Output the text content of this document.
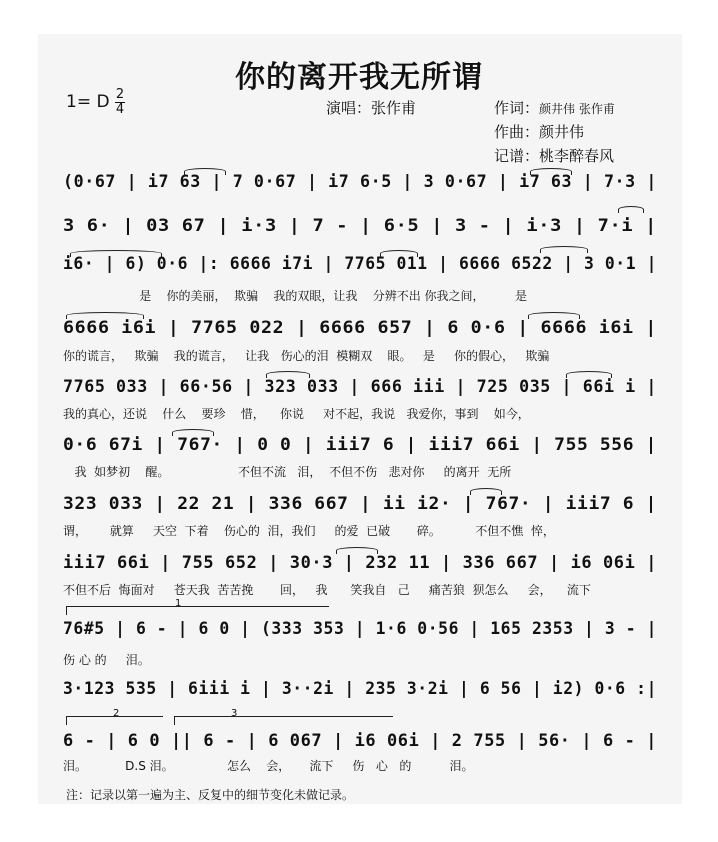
你的离开我无所谓
1= D 2
4	演唱：张作甫	作词：颜井伟 张作甫
作曲：颜井伟
记谱：桃李醉春风
(0·67 | i7 63 | 7 0·67 | i7 6·5 | 3 0·67 | i7 63 | 7·3 |
3 6· | 03 67 | i·3 | 7 - | 6·5 | 3 - | i·3 | 7·i |
i6· | 6) 0·6 |: 6666 i7i | 7765 011 | 6666 6522 | 3 0·1 |
6666 i6i | 7765 022 | 6666 657 | 6 0·6 | 6666 i6i |
7765 033 | 66·56 | 323 033 | 666 iii | 725 035 | 66i i |
0·6 67i | 767· | 0 0 | iii7 6 | iii7 66i | 755 556 |
323 033 | 22 21 | 336 667 | ii i2· | 767· | iii7 6 |
iii7 66i | 755 652 | 30·3 | 232 11 | 336 667 | i6 06i |
76#5 | 6 - | 6 0 | (333 353 | 1·6 0·56 | 165 2353 | 3 - |
3·123 535 | 6iii i | 3··2i | 235 3·2i | 6 56 | i2) 0·6 :|
6 - | 6 0 || 6 - | 6 067 | i6 06i | 2 755 | 56· | 6 - |
是    你的美丽，  欺骗    我的双眼，让我    分辨不出 你我之间，        是
你的谎言，   欺骗    我的谎言，   让我   伤心的泪  模糊双    眼。   是     你的假心，   欺骗
我的真心，还说    什么    要珍    惜，    你说     对不起，我说   我爱你，事到    如今，
我  如梦初    醒。                  不但不流   泪，  不但不伤   悲对你     的离开  无所
谓，      就算     天空  下着    伤心的  泪，我们     的爱  已破       碎。         不但不憔  悴，
不但不后  悔面对     苍天我  苦苦挽       回，   我      笑我自   己     痛苦狼  狈怎么     会，    流下
伤 心 的     泪。
泪。          D.S 泪。              怎么    会，     流下     伤   心   的          泪。
1
2	3
注：记录以第一遍为主、反复中的细节变化未做记录。
